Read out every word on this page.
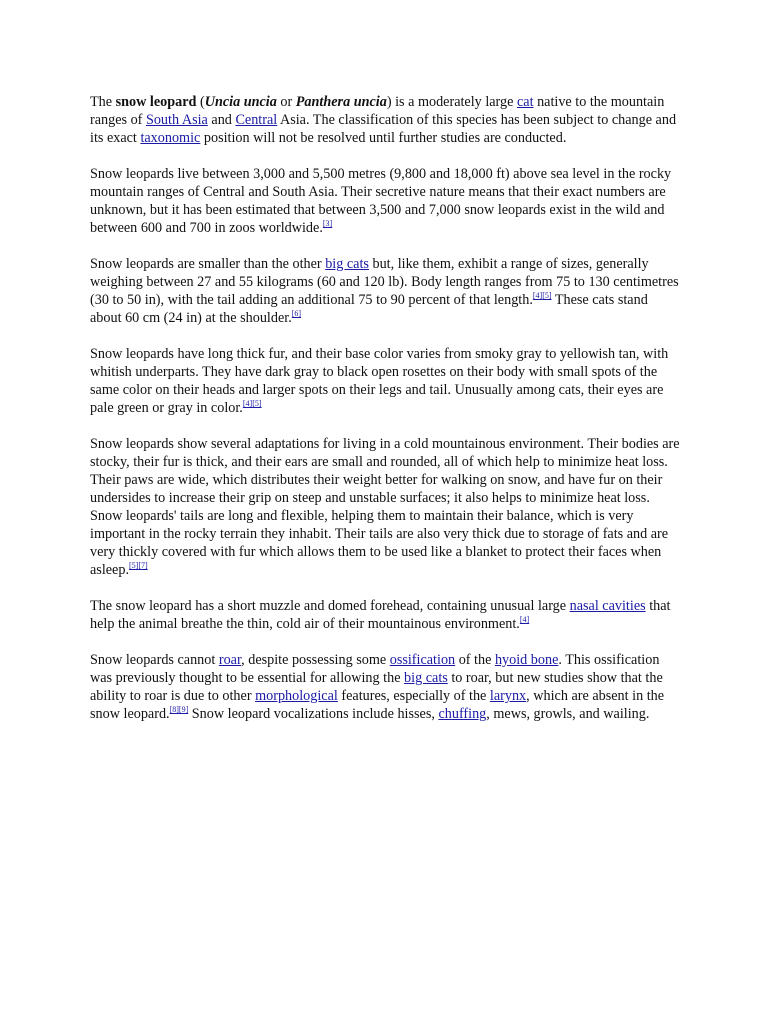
The snow leopard (Uncia uncia or Panthera uncia) is a moderately large cat native to the mountain ranges of South Asia and Central Asia. The classification of this species has been subject to change and its exact taxonomic position will not be resolved until further studies are conducted.

Snow leopards live between 3,000 and 5,500 metres (9,800 and 18,000 ft) above sea level in the rocky mountain ranges of Central and South Asia. Their secretive nature means that their exact numbers are unknown, but it has been estimated that between 3,500 and 7,000 snow leopards exist in the wild and between 600 and 700 in zoos worldwide.[3]

Snow leopards are smaller than the other big cats but, like them, exhibit a range of sizes, generally weighing between 27 and 55 kilograms (60 and 120 lb). Body length ranges from 75 to 130 centimetres (30 to 50 in), with the tail adding an additional 75 to 90 percent of that length.[4][5] These cats stand about 60 cm (24 in) at the shoulder.[6]

Snow leopards have long thick fur, and their base color varies from smoky gray to yellowish tan, with whitish underparts. They have dark gray to black open rosettes on their body with small spots of the same color on their heads and larger spots on their legs and tail. Unusually among cats, their eyes are pale green or gray in color.[4][5]

Snow leopards show several adaptations for living in a cold mountainous environment. Their bodies are stocky, their fur is thick, and their ears are small and rounded, all of which help to minimize heat loss. Their paws are wide, which distributes their weight better for walking on snow, and have fur on their undersides to increase their grip on steep and unstable surfaces; it also helps to minimize heat loss. Snow leopards' tails are long and flexible, helping them to maintain their balance, which is very important in the rocky terrain they inhabit. Their tails are also very thick due to storage of fats and are very thickly covered with fur which allows them to be used like a blanket to protect their faces when asleep.[5][7]

The snow leopard has a short muzzle and domed forehead, containing unusual large nasal cavities that help the animal breathe the thin, cold air of their mountainous environment.[4]

Snow leopards cannot roar, despite possessing some ossification of the hyoid bone. This ossification was previously thought to be essential for allowing the big cats to roar, but new studies show that the ability to roar is due to other morphological features, especially of the larynx, which are absent in the snow leopard.[8][9] Snow leopard vocalizations include hisses, chuffing, mews, growls, and wailing.
